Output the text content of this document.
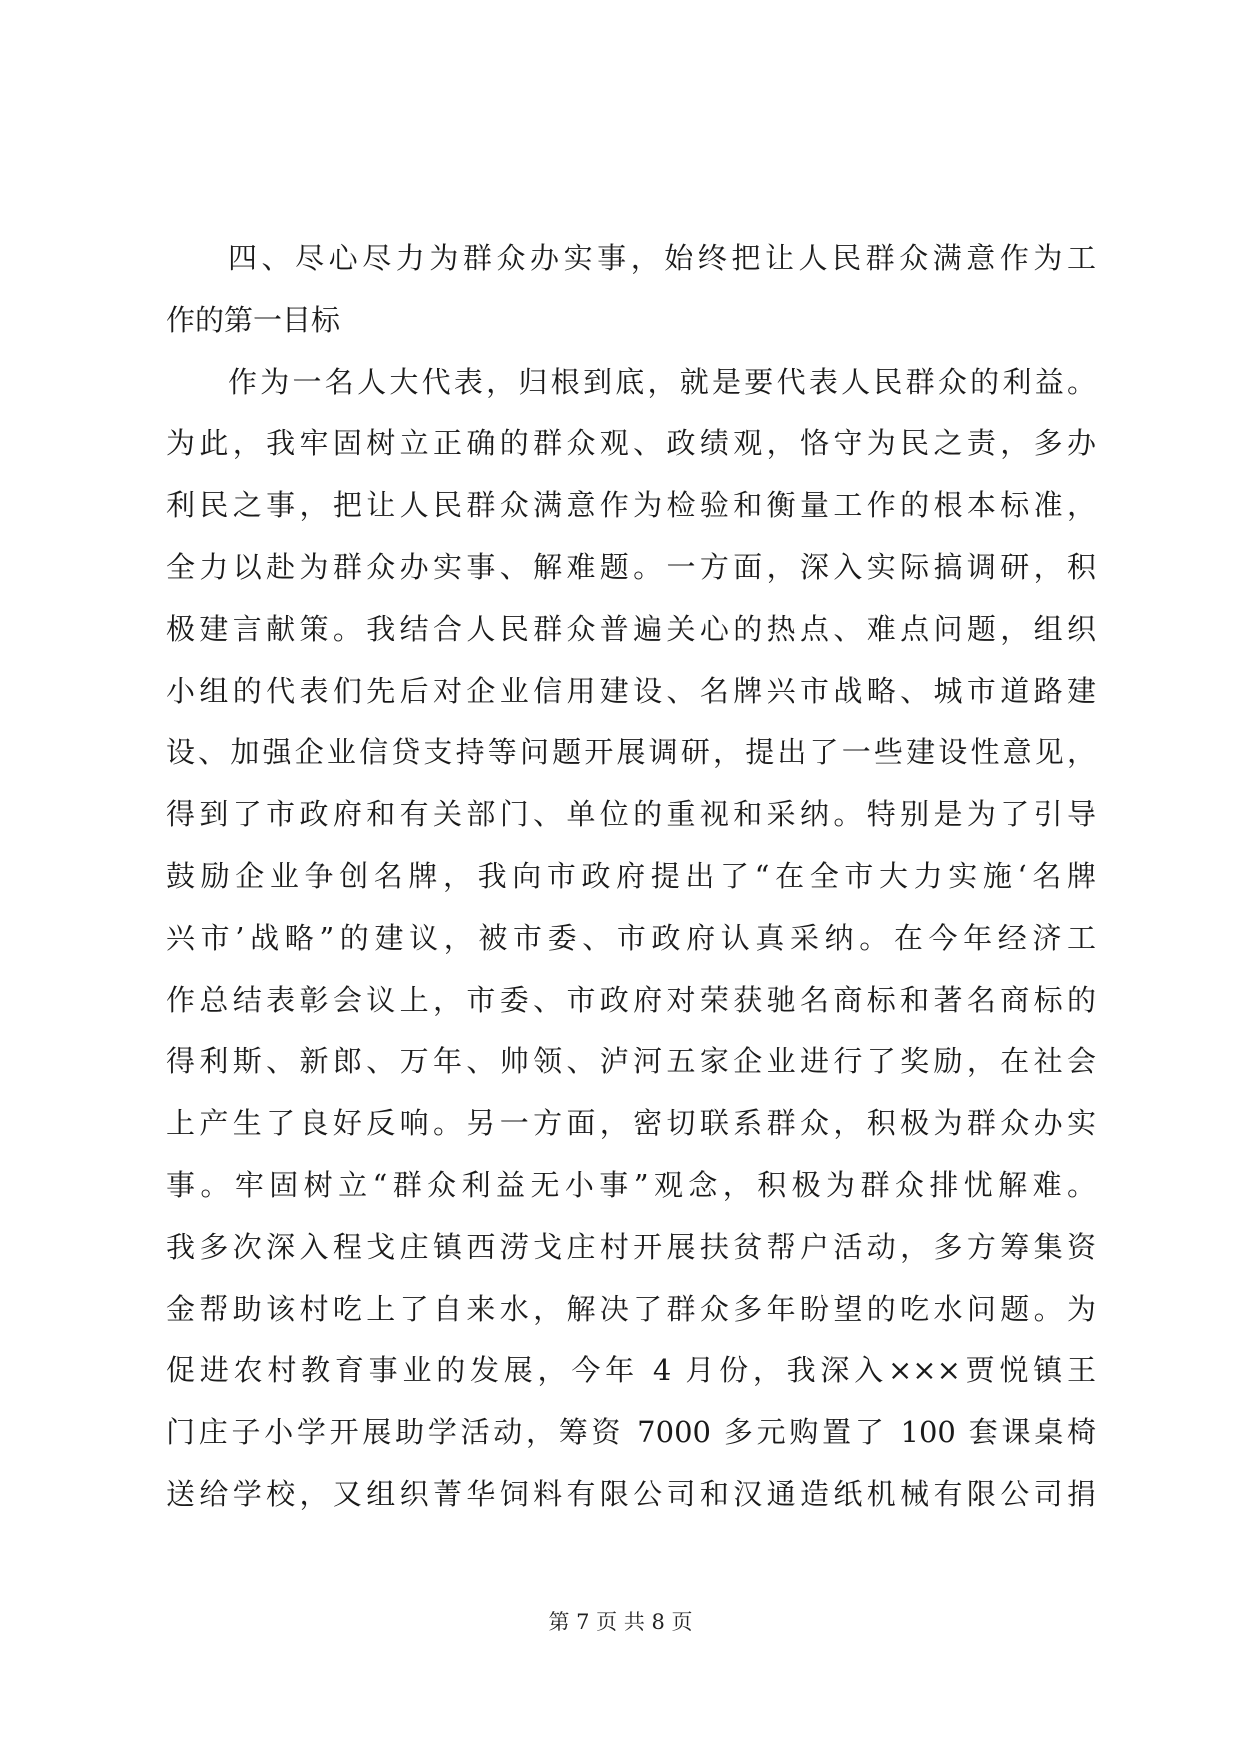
四、尽心尽力为群众办实事，始终把让人民群众满意作为工
作的第一目标
作为一名人大代表，归根到底，就是要代表人民群众的利益。
为此，我牢固树立正确的群众观、政绩观，恪守为民之责，多办
利民之事，把让人民群众满意作为检验和衡量工作的根本标准，
全力以赴为群众办实事、解难题。一方面，深入实际搞调研，积
极建言献策。我结合人民群众普遍关心的热点、难点问题，组织
小组的代表们先后对企业信用建设、名牌兴市战略、城市道路建
设、加强企业信贷支持等问题开展调研，提出了一些建设性意见，
得到了市政府和有关部门、单位的重视和采纳。特别是为了引导
鼓励企业争创名牌，我向市政府提出了“在全市大力实施‘名牌
兴市’战略”的建议，被市委、市政府认真采纳。在今年经济工
作总结表彰会议上，市委、市政府对荣获驰名商标和著名商标的
得利斯、新郎、万年、帅领、泸河五家企业进行了奖励，在社会
上产生了良好反响。另一方面，密切联系群众，积极为群众办实
事。牢固树立“群众利益无小事”观念，积极为群众排忧解难。
我多次深入程戈庄镇西涝戈庄村开展扶贫帮户活动，多方筹集资
金帮助该村吃上了自来水，解决了群众多年盼望的吃水问题。为
促进农村教育事业的发展，今年 4 月份，我深入×××贾悦镇王
门庄子小学开展助学活动，筹资 7000 多元购置了 100 套课桌椅
送给学校，又组织菁华饲料有限公司和汉通造纸机械有限公司捐
第 7 页 共 8 页
